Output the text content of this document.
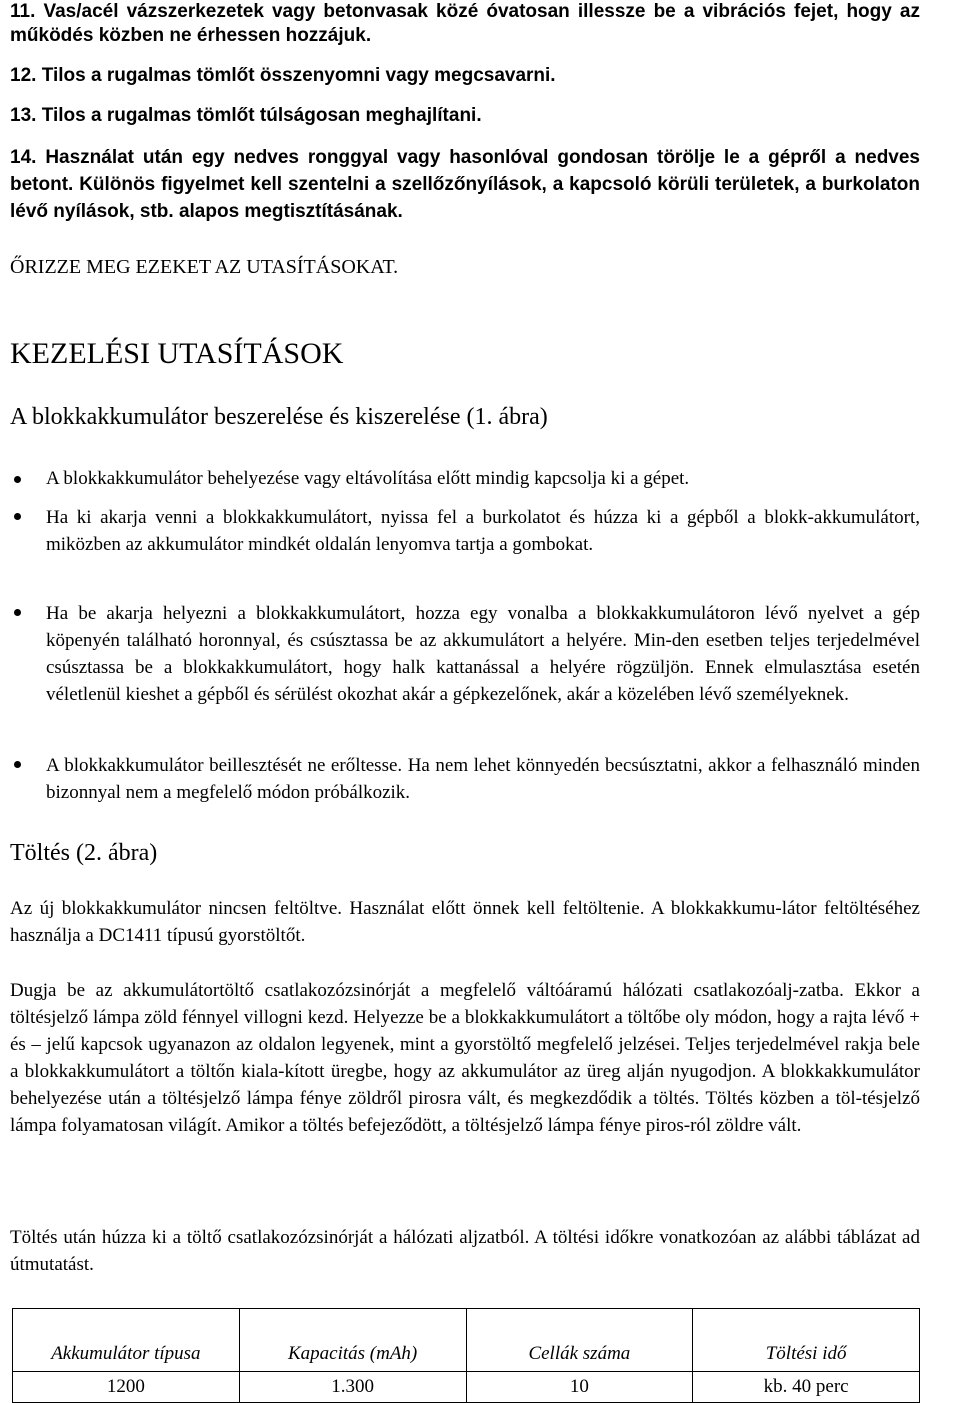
11. Vas/acél vázszerkezetek vagy betonvasak közé óvatosan illessze be a vibrációs fejet, hogy az működés közben ne érhessen hozzájuk.
12. Tilos a rugalmas tömlőt összenyomni vagy megcsavarni.
13. Tilos a rugalmas tömlőt túlságosan meghajlítani.
14. Használat után egy nedves ronggyal vagy hasonlóval gondosan törölje le a gépről a nedves betont. Különös figyelmet kell szentelni a szellőzőnyílások, a kapcsoló körüli területek, a burkolaton lévő nyílások, stb. alapos megtisztításának.
ŐRIZZE MEG EZEKET AZ UTASÍTÁSOKAT.
KEZELÉSI UTASÍTÁSOK
A blokkakkumulátor beszerelése és kiszerelése (1. ábra)
A blokkakkumulátor behelyezése vagy eltávolítása előtt mindig kapcsolja ki a gépet.
Ha ki akarja venni a blokkakkumulátort, nyissa fel a burkolatot és húzza ki a gépből a blokk-akkumulátort, miközben az akkumulátor mindkét oldalán lenyomva tartja a gombokat.
Ha be akarja helyezni a blokkakkumulátort, hozza egy vonalba a blokkakkumulátoron lévő nyelvet a gép köpenyén található horonnyal, és csúsztassa be az akkumulátort a helyére. Min-den esetben teljes terjedelmével csúsztassa be a blokkakkumulátort, hogy halk kattanással a helyére rögzüljön. Ennek elmulasztása esetén véletlenül kieshet a gépből és sérülést okozhat akár a gépkezelőnek, akár a közelében lévő személyeknek.
A blokkakkumulátor beillesztését ne erőltesse. Ha nem lehet könnyedén becsúsztatni, akkor a felhasználó minden bizonnyal nem a megfelelő módon próbálkozik.
Töltés (2. ábra)
Az új blokkakkumulátor nincsen feltöltve. Használat előtt önnek kell feltöltenie. A blokkakkumu-látor feltöltéséhez használja a DC1411 típusú gyorstöltőt.
Dugja be az akkumulátortöltő csatlakozózsinórját a megfelelő váltóáramú hálózati csatlakozóalj-zatba. Ekkor a töltésjelző lámpa zöld fénnyel villogni kezd. Helyezze be a blokkakkumulátort a töltőbe oly módon, hogy a rajta lévő + és – jelű kapcsok ugyanazon az oldalon legyenek, mint a gyorstöltő megfelelő jelzései. Teljes terjedelmével rakja bele a blokkakkumulátort a töltőn kiala-kított üregbe, hogy az akkumulátor az üreg alján nyugodjon. A blokkakkumulátor behelyezése után a töltésjelző lámpa fénye zöldről pirosra vált, és megkezdődik a töltés. Töltés közben a töl-tésjelző lámpa folyamatosan világít. Amikor a töltés befejeződött, a töltésjelző lámpa fénye piros-ról zöldre vált.
Töltés után húzza ki a töltő csatlakozózsinórját a hálózati aljzatból. A töltési időkre vonatkozóan az alábbi táblázat ad útmutatást.
Akkumulátor típusa	Kapacitás (mAh)	Cellák száma	Töltési idő
1200	1.300	10	kb. 40 perc
